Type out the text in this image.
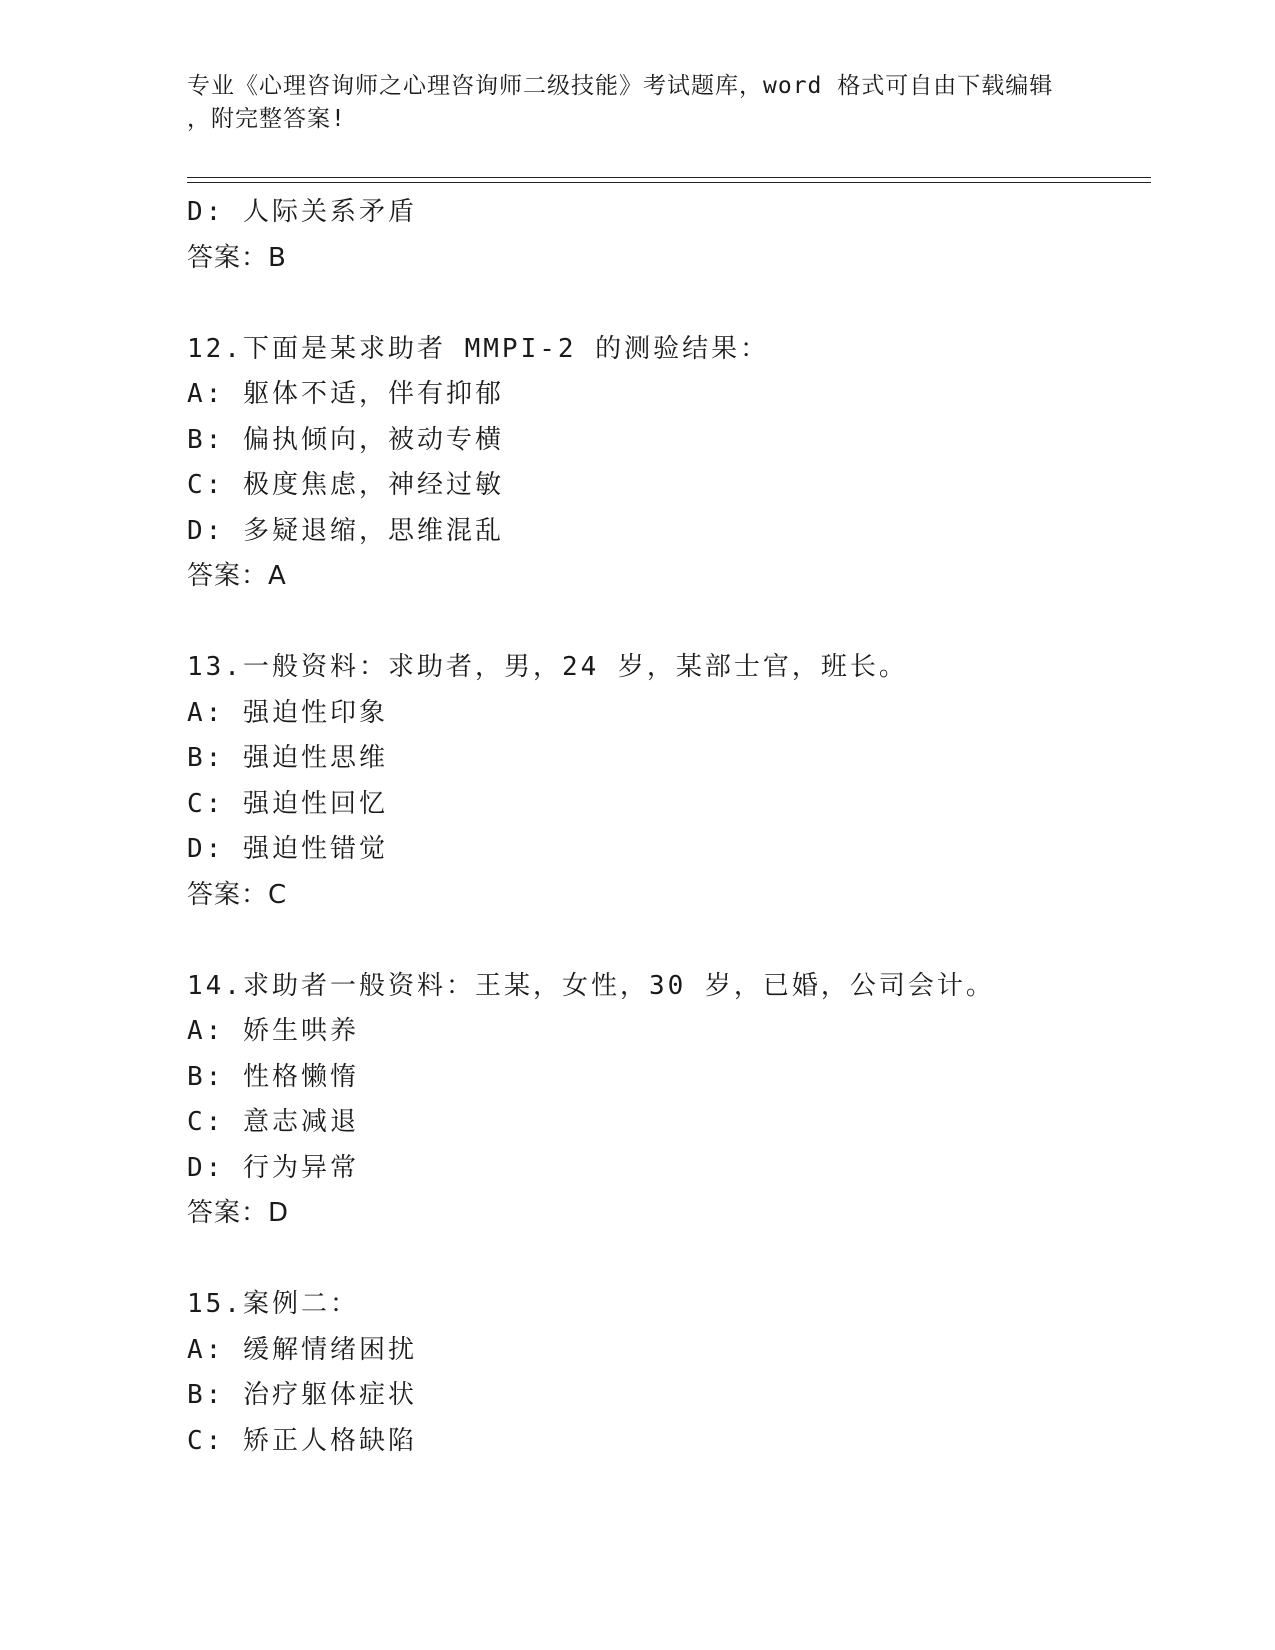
专业《心理咨询师之心理咨询师二级技能》考试题库，word 格式可自由下载编辑
，附完整答案!
D: 人际关系矛盾
答案：B
12.下面是某求助者 MMPI-2 的测验结果：
A: 躯体不适，伴有抑郁
B: 偏执倾向，被动专横
C: 极度焦虑，神经过敏
D: 多疑退缩，思维混乱
答案：A
13.一般资料：求助者，男，24 岁，某部士官，班长。
A: 强迫性印象
B: 强迫性思维
C: 强迫性回忆
D: 强迫性错觉
答案：C
14.求助者一般资料：王某，女性，30 岁，已婚，公司会计。
A: 娇生哄养
B: 性格懒惰
C: 意志减退
D: 行为异常
答案：D
15.案例二：
A: 缓解情绪困扰
B: 治疗躯体症状
C: 矫正人格缺陷
